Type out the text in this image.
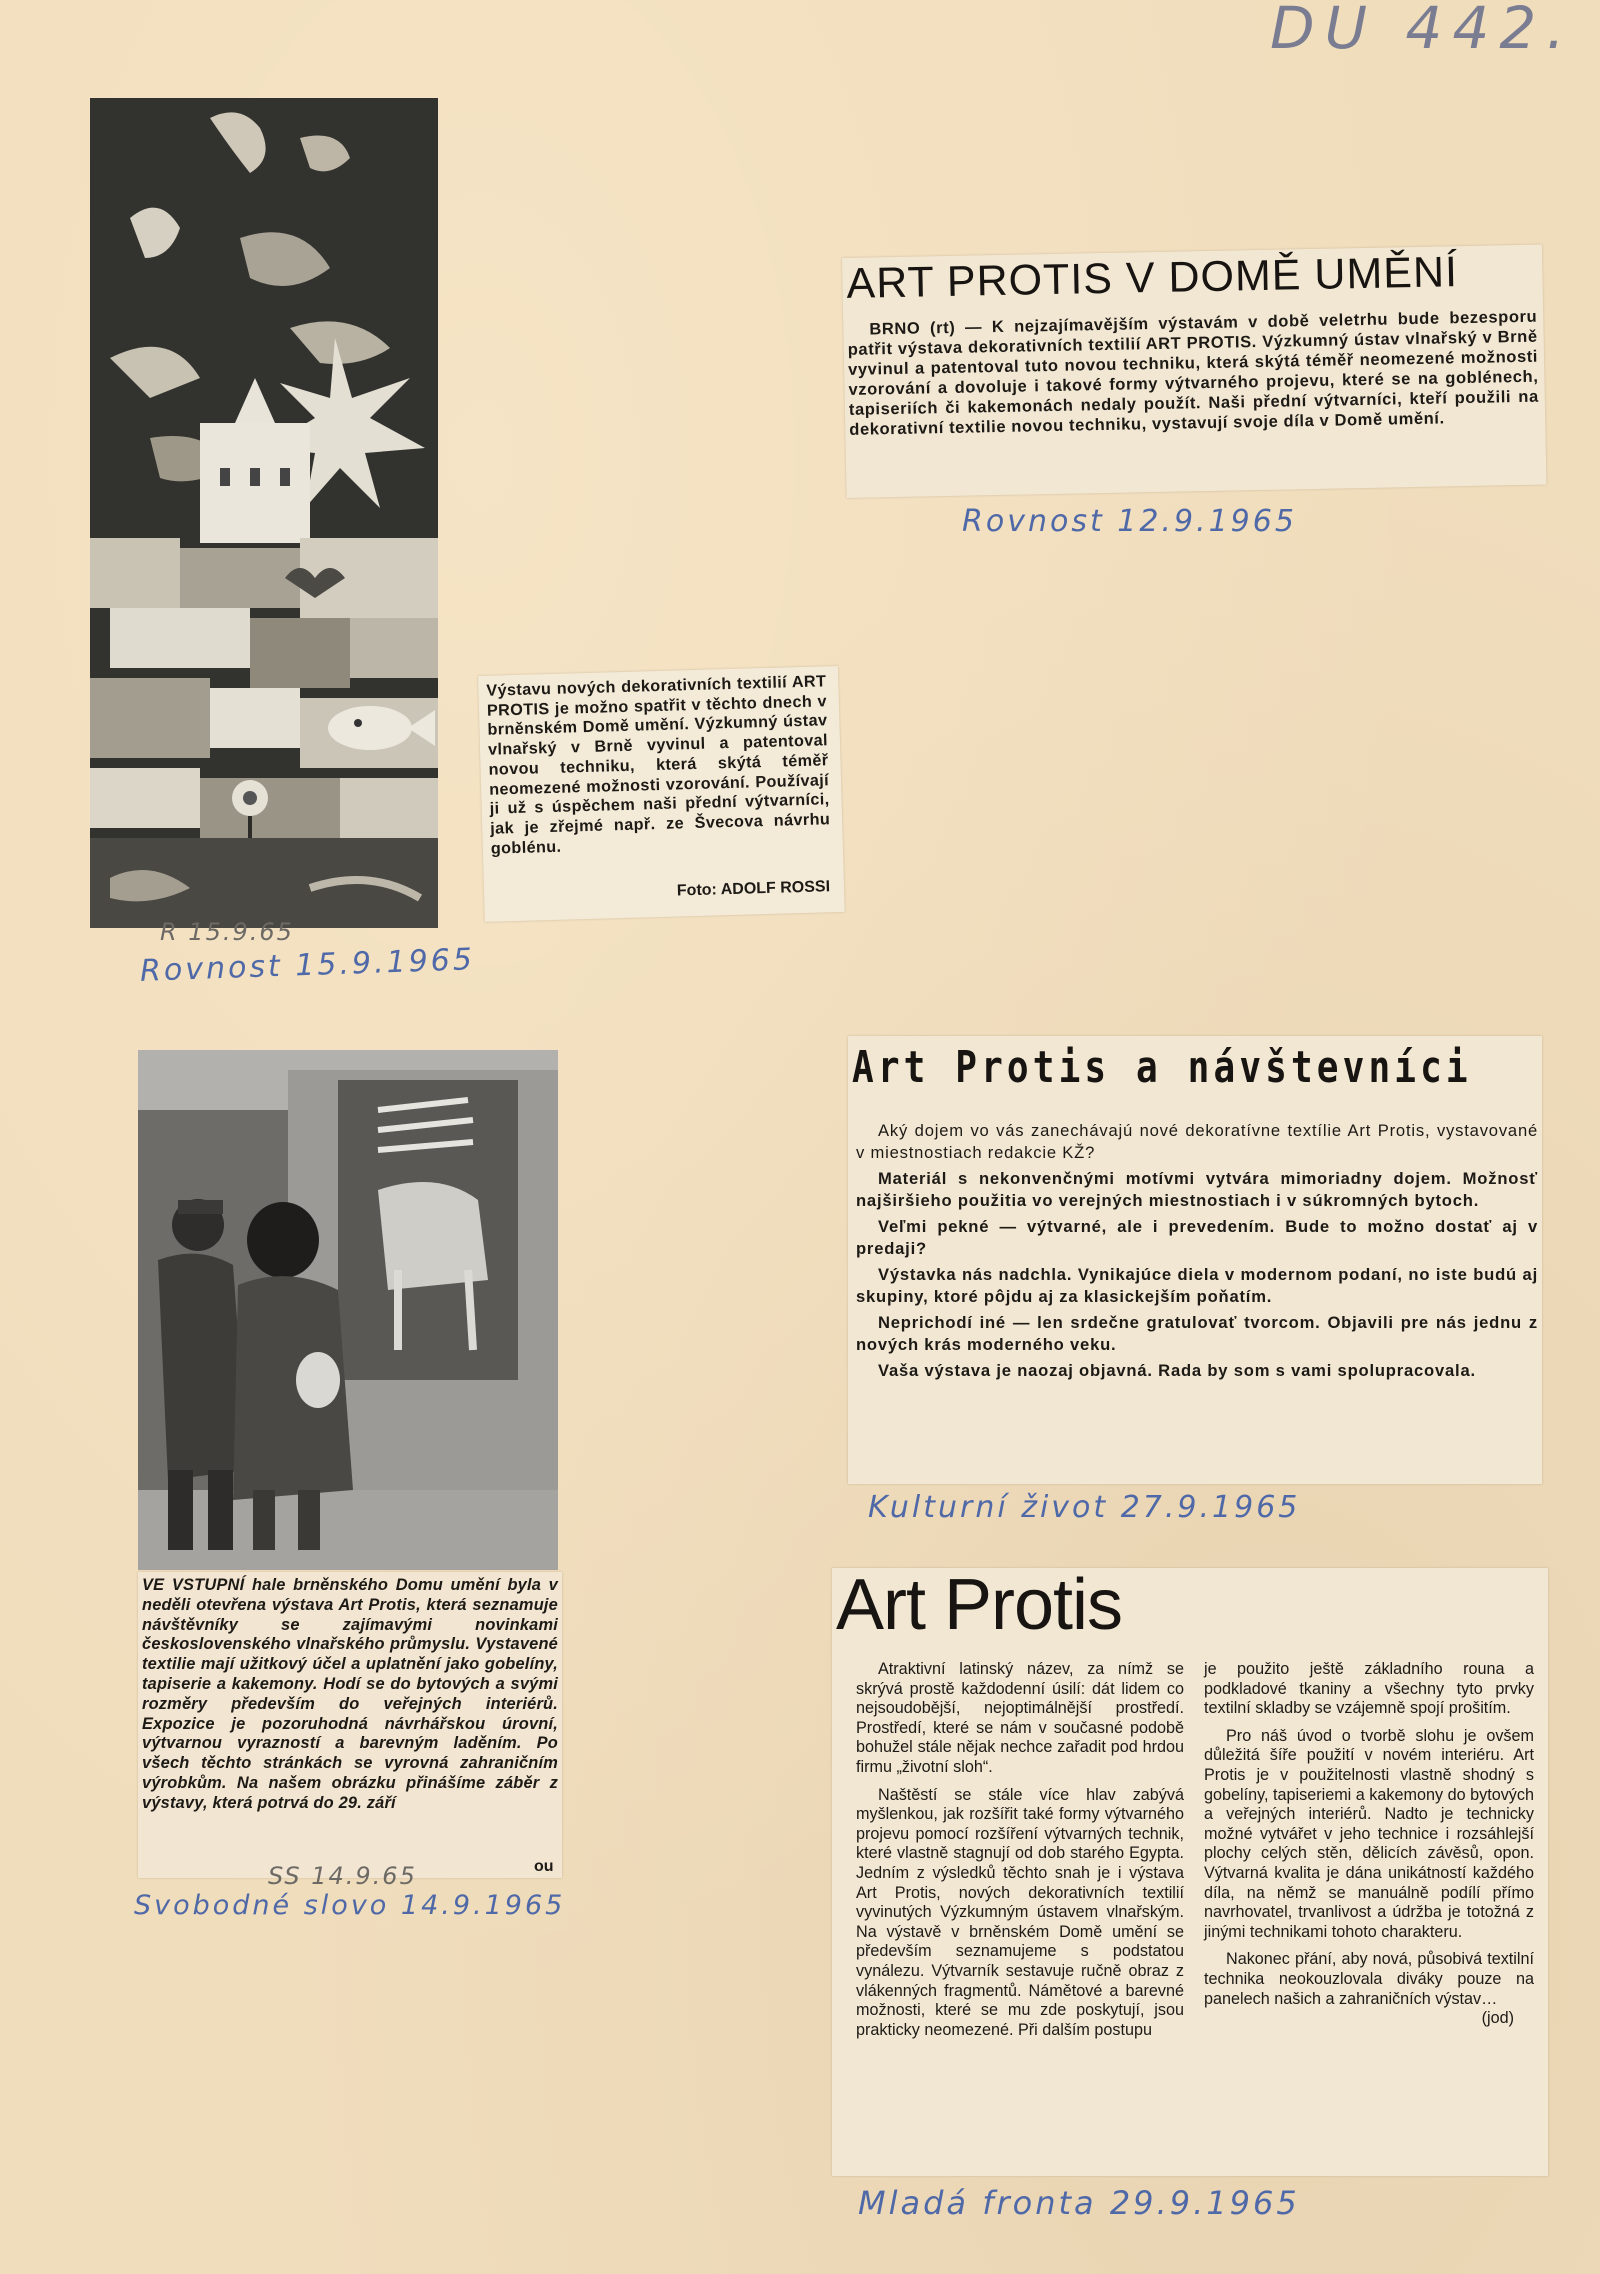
DU 442.
Výstavu nových dekorativních textilií ART PROTIS je možno spatřit v těchto dnech v brněnském Domě umění. Výzkumný ústav vlnařský v Brně vyvinul a patentoval novou techniku, která skýtá téměř neomezené možnosti vzorování. Používají ji už s úspěchem naši přední výtvarníci, jak je zřejmé např. ze Švecova návrhu goblénu.
Foto: ADOLF ROSSI
R 15.9.65
Rovnost 15.9.1965
ART PROTIS V DOMĚ UMĚNÍ
BRNO (rt) — K nejzajímavějším výstavám v době veletrhu bude bezesporu patřit výstava dekorativních textilií ART PROTIS. Výzkumný ústav vlnařský v Brně vyvinul a patentoval tuto novou techniku, která skýtá téměř neomezené možnosti vzorování a dovoluje i takové formy výtvarného projevu, které se na goblénech, tapiseriích či kakemonách nedaly použít. Naši přední výtvarníci, kteří použili na dekorativní textilie novou techniku, vystavují svoje díla v Domě umění.
Rovnost 12.9.1965
VE VSTUPNÍ hale brněnského Domu umění byla v neděli otevřena výstava Art Protis, která seznamuje návštěvníky se zajímavými novinkami československého vlnařského průmyslu. Vystavené textilie mají užitkový účel a uplatnění jako gobelíny, tapiserie a kakemony. Hodí se do bytových a svými rozměry především do veřejných interiérů. Expozice je pozoruhodná návrhářskou úrovní, výtvarnou vyrazností a barevným laděním. Po všech těchto stránkách se vyrovná zahraničním výrobkům. Na našem obrázku přinášíme záběr z výstavy, která potrvá do 29. září
ou
SS 14.9.65
Svobodné slovo 14.9.1965
Art Protis a návštevníci

Aký dojem vo vás zanechávajú nové dekoratívne textílie Art Protis, vystavované v miestnostiach redakcie KŽ?

Materiál s nekonvenčnými motívmi vytvára mimoriadny dojem. Možnosť najširšieho použitia vo verejných miestnostiach i v súkromných bytoch.

Veľmi pekné — výtvarné, ale i prevedením. Bude to možno dostať aj v predaji?

Výstavka nás nadchla. Vynikajúce diela v modernom podaní, no iste budú aj skupiny, ktoré pôjdu aj za klasickejším poňatím.

Neprichodí iné — len srdečne gratulovať tvorcom. Objavili pre nás jednu z nových krás moderného veku.

Vaša výstava je naozaj objavná. Rada by som s vami spolupracovala.

Kulturní život 27.9.1965
Art Protis

Atraktivní latinský název, za nímž se skrývá prostě každodenní úsilí: dát lidem co nejsoudobější, nejoptimálnější prostředí. Prostředí, které se nám v současné podobě bohužel stále nějak nechce zařadit pod hrdou firmu „životní sloh“.

Naštěstí se stále více hlav zabývá myšlenkou, jak rozšířit také formy výtvarného projevu pomocí rozšíření výtvarných technik, které vlastně stagnují od dob starého Egypta. Jedním z výsledků těchto snah je i výstava Art Protis, nových dekorativních textilií vyvinutých Výzkumným ústavem vlnařským. Na výstavě v brněnském Domě umění se především seznamujeme s podstatou vynálezu. Výtvarník sestavuje ručně obraz z vlákenných fragmentů. Námětové a barevné možnosti, které se mu zde poskytují, jsou prakticky neomezené. Při dalším postupu

je použito ještě základního rouna a podkladové tkaniny a všechny tyto prvky textilní skladby se vzájemně spojí prošitím.

Pro náš úvod o tvorbě slohu je ovšem důležitá šíře použití v novém interiéru. Art Protis je v použitelnosti vlastně shodný s gobelíny, tapiseriemi a kakemony do bytových a veřejných interiérů. Nadto je technicky možné vytvářet v jeho technice i rozsáhlejší plochy celých stěn, dělicích závěsů, opon. Výtvarná kvalita je dána unikátností každého díla, na němž se manuálně podílí přímo navrhovatel, trvanlivost a údržba je totožná z jinými technikami tohoto charakteru.

Nakonec přání, aby nová, působivá textilní technika neokouzlovala diváky pouze na panelech našich a zahraničních výstav…

(jod)
Mladá fronta 29.9.1965
